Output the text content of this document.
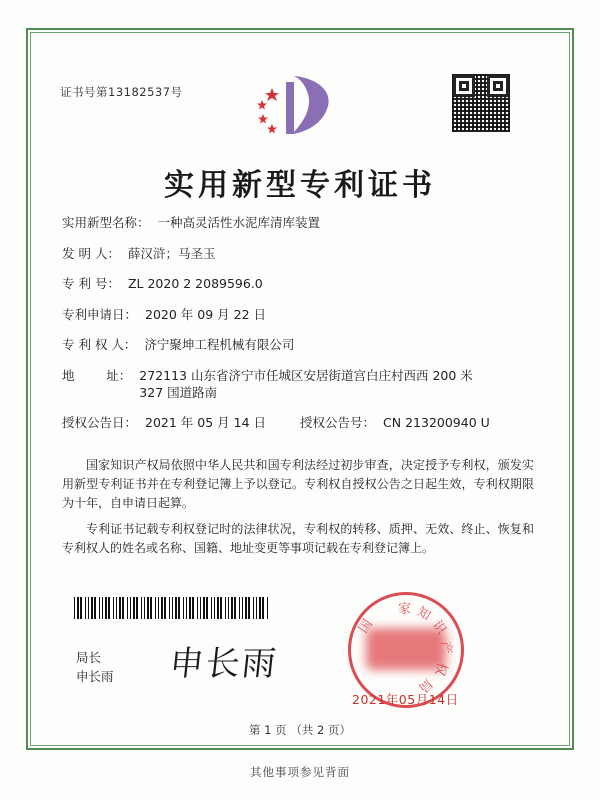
证书号第13182537号
实用新型专利证书
实用新型名称： 一种高灵活性水泥库清库装置
发 明 人： 薛汉浒；马圣玉
专 利 号： ZL 2020 2 2089596.0
专利申请日： 2020 年 09 月 22 日
专 利 权 人： 济宁聚坤工程机械有限公司
地        址： 272113 山东省济宁市任城区安居街道宫白庄村西西 200 米
327 国道路南
授权公告日： 2021 年 05 月 14 日	授权公告号： CN 213200940 U

国家知识产权局依照中华人民共和国专利法经过初步审查，决定授予专利权，颁发实用新型专利证书并在专利登记簿上予以登记。专利权自授权公告之日起生效，专利权期限为十年，自申请日起算。

专利证书记载专利权登记时的法律状况，专利权的转移、质押、无效、终止、恢复和专利权人的姓名或名称、国籍、地址变更等事项记载在专利登记簿上。

局长
申长雨 申长雨
家 知
识
产
权
局
国
2021年05月14日
第 1 页 （共 2 页）
其他事项参见背面
